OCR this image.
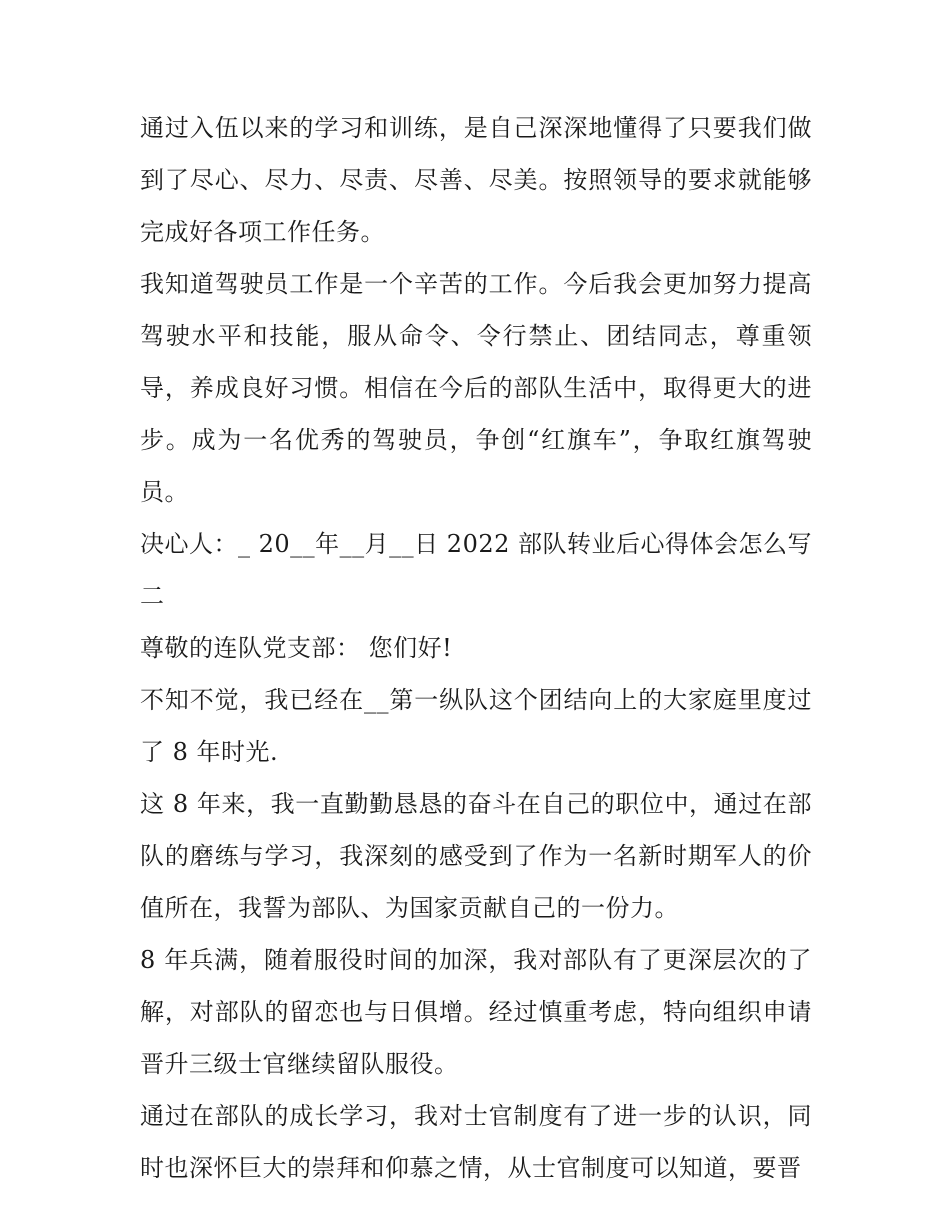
通过入伍以来的学习和训练，是自己深深地懂得了只要我们做到了尽心、尽力、尽责、尽善、尽美。按照领导的要求就能够完成好各项工作任务。

我知道驾驶员工作是一个辛苦的工作。今后我会更加努力提高驾驶水平和技能，服从命令、令行禁止、团结同志，尊重领导，养成良好习惯。相信在今后的部队生活中，取得更大的进步。成为一名优秀的驾驶员，争创“红旗车”，争取红旗驾驶员。

决心人：_ 20__年__月__日 2022 部队转业后心得体会怎么写二

尊敬的连队党支部： 您们好!

不知不觉，我已经在__第一纵队这个团结向上的大家庭里度过了 8 年时光.

这 8 年来，我一直勤勤恳恳的奋斗在自己的职位中，通过在部队的磨练与学习，我深刻的感受到了作为一名新时期军人的价值所在，我誓为部队、为国家贡献自己的一份力。

8 年兵满，随着服役时间的加深，我对部队有了更深层次的了解，对部队的留恋也与日俱增。经过慎重考虑，特向组织申请晋升三级士官继续留队服役。

通过在部队的成长学习，我对士官制度有了进一步的认识，同时也深怀巨大的崇拜和仰慕之情，从士官制度可以知道，要晋
